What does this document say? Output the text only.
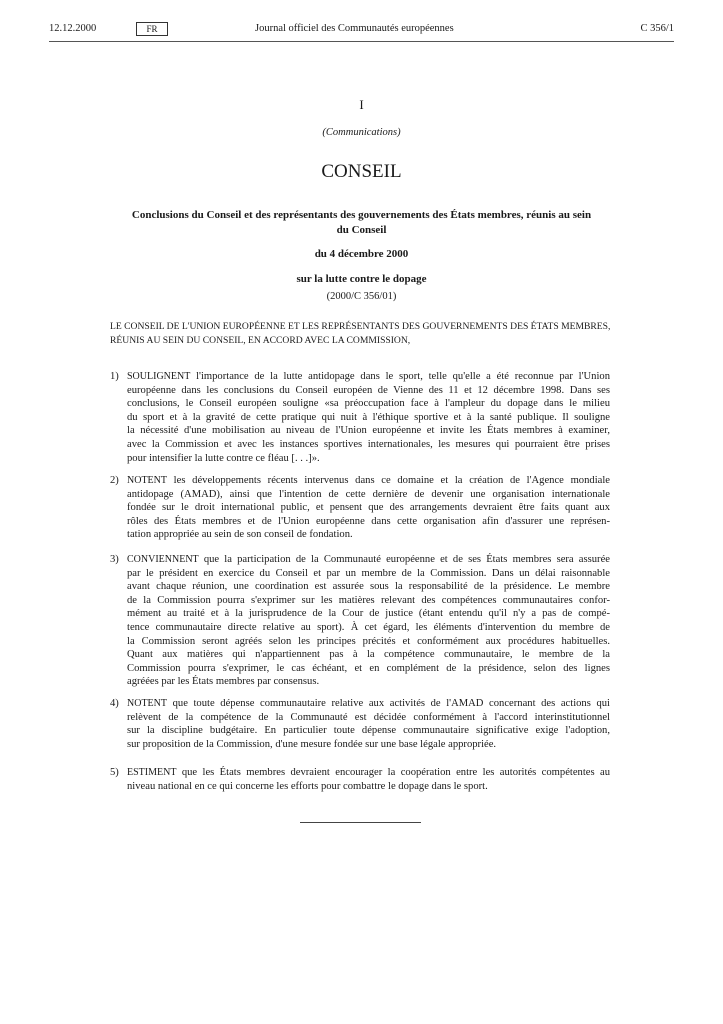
12.12.2000	FR	Journal officiel des Communautés européennes	C 356/1
I
(Communications)
CONSEIL
Conclusions du Conseil et des représentants des gouvernements des États membres, réunis au sein
du Conseil
du 4 décembre 2000
sur la lutte contre le dopage
(2000/C 356/01)
LE CONSEIL DE L'UNION EUROPÉENNE ET LES REPRÉSENTANTS DES GOUVERNEMENTS DES ÉTATS MEMBRES,
RÉUNIS AU SEIN DU CONSEIL, EN ACCORD AVEC LA COMMISSION,
1) SOULIGNENT l'importance de la lutte antidopage dans le sport, telle qu'elle a été reconnue par l'Union
européenne dans les conclusions du Conseil européen de Vienne des 11 et 12 décembre 1998. Dans ses
conclusions, le Conseil européen souligne «sa préoccupation face à l'ampleur du dopage dans le milieu
du sport et à la gravité de cette pratique qui nuit à l'éthique sportive et à la santé publique. Il souligne
la nécessité d'une mobilisation au niveau de l'Union européenne et invite les États membres à examiner,
avec la Commission et avec les instances sportives internationales, les mesures qui pourraient être prises
pour intensifier la lutte contre ce fléau [. . .]».
2) NOTENT les développements récents intervenus dans ce domaine et la création de l'Agence mondiale
antidopage (AMAD), ainsi que l'intention de cette dernière de devenir une organisation internationale
fondée sur le droit international public, et pensent que des arrangements devraient être faits quant aux
rôles des États membres et de l'Union européenne dans cette organisation afin d'assurer une représen-
tation appropriée au sein de son conseil de fondation.
3) CONVIENNENT que la participation de la Communauté européenne et de ses États membres sera assurée
par le président en exercice du Conseil et par un membre de la Commission. Dans un délai raisonnable
avant chaque réunion, une coordination est assurée sous la responsabilité de la présidence. Le membre
de la Commission pourra s'exprimer sur les matières relevant des compétences communautaires confor-
mément au traité et à la jurisprudence de la Cour de justice (étant entendu qu'il n'y a pas de compé-
tence communautaire directe relative au sport). À cet égard, les éléments d'intervention du membre de
la Commission seront agréés selon les principes précités et conformément aux procédures habituelles.
Quant aux matières qui n'appartiennent pas à la compétence communautaire, le membre de la
Commission pourra s'exprimer, le cas échéant, et en complément de la présidence, selon des lignes
agréées par les États membres par consensus.
4) NOTENT que toute dépense communautaire relative aux activités de l'AMAD concernant des actions qui
relèvent de la compétence de la Communauté est décidée conformément à l'accord interinstitutionnel
sur la discipline budgétaire. En particulier toute dépense communautaire significative exige l'adoption,
sur proposition de la Commission, d'une mesure fondée sur une base légale appropriée.
5) ESTIMENT que les États membres devraient encourager la coopération entre les autorités compétentes au
niveau national en ce qui concerne les efforts pour combattre le dopage dans le sport.
